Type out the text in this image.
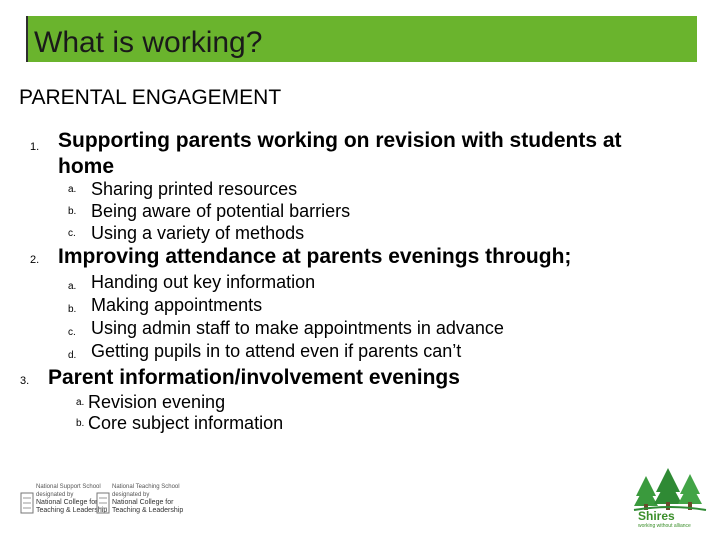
What is working?
PARENTAL ENGAGEMENT
1. Supporting parents working on revision with students at
home
a. Sharing printed resources
b. Being aware of potential barriers
c. Using a variety of methods
2. Improving attendance at parents evenings through;
a. Handing out key information
b. Making appointments
c. Using admin staff to make appointments in advance
d. Getting pupils in to attend even if parents can’t
3. Parent information/involvement evenings
a. Revision evening
b. Core subject information
National Support School
designated by
National College for
Teaching & Leadership
National Teaching School
designated by
National College for
Teaching & Leadership	Shires
working without alliance
